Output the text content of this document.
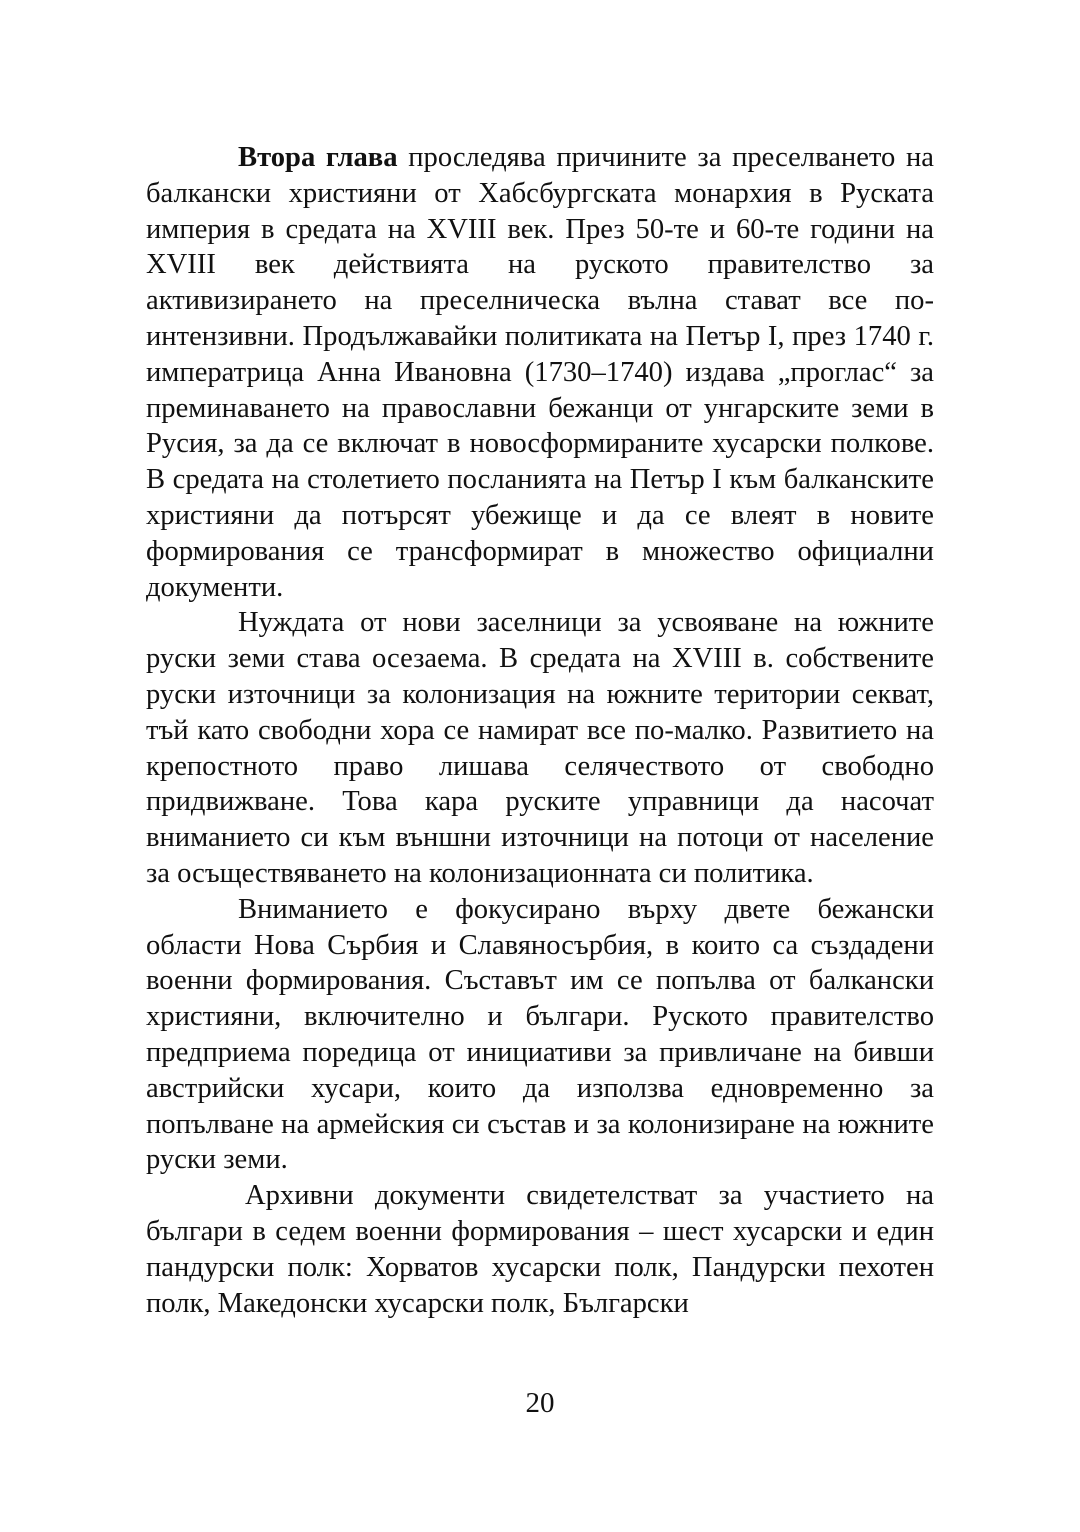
Втора глава проследява причините за преселването на балкански християни от Хабсбургската монархия в Руската империя в средата на XVIII век. През 50-те и 60-те години на XVIII век действията на руското правителство за активизирането на преселническа вълна стават все по-интензивни. Продължавайки политиката на Петър I, през 1740 г. императрица Анна Ивановна (1730–1740) издава „проглас“ за преминаването на православни бежанци от унгарските земи в Русия, за да се включат в новосформираните хусарски полкове. В средата на столетието посланията на Петър I към балканските християни да потърсят убежище и да се влеят в новите формирования се трансформират в множество официални документи.

Нуждата от нови заселници за усвояване на южните руски земи става осезаема. В средата на XVIII в. собствените руски източници за колонизация на южните територии секват, тъй като свободни хора се намират все по-малко. Развитието на крепостното право лишава селячеството от свободно придвижване. Това кара руските управници да насочат вниманието си към външни източници на потоци от население за осъществяването на колонизационната си политика.

Вниманието е фокусирано върху двете бежански области Нова Сърбия и Славяносърбия, в които са създадени военни формирования. Съставът им се попълва от балкански християни, включително и българи. Руското правителство предприема поредица от инициативи за привличане на бивши австрийски хусари, които да използва едновременно за попълване на армейския си състав и за колонизиране на южните руски земи.

Архивни документи свидетелстват за участието на българи в седем военни формирования – шест хусарски и един пандурски полк: Хорватов хусарски полк, Пандурски пехотен полк, Македонски хусарски полк, Български

20
